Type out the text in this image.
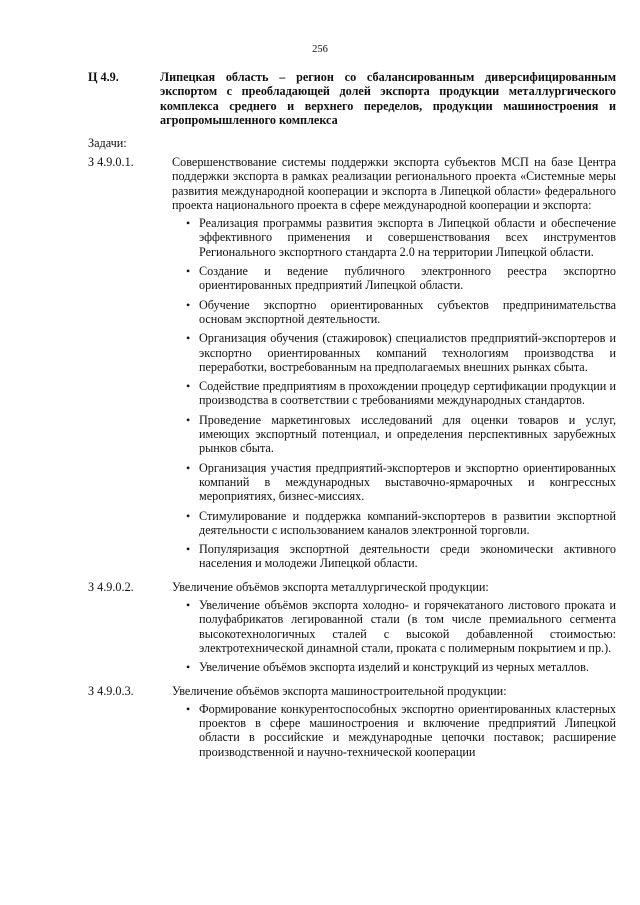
256
Ц 4.9.	Липецкая область – регион со сбалансированным диверсифицированным экспортом с преобладающей долей экспорта продукции металлургического комплекса среднего и верхнего переделов, продукции машиностроения и агропромышленного комплекса
Задачи:
З 4.9.0.1.	Совершенствование системы поддержки экспорта субъектов МСП на базе Центра поддержки экспорта в рамках реализации регионального проекта «Системные меры развития международной кооперации и экспорта в Липецкой области» федерального проекта национального проекта в сфере международной кооперации и экспорта:
• Реализация программы развития экспорта в Липецкой области и обеспечение эффективного применения и совершенствования всех инструментов Регионального экспортного стандарта 2.0 на территории Липецкой области.
• Создание и ведение публичного электронного реестра экспортно ориентированных предприятий Липецкой области.
• Обучение экспортно ориентированных субъектов предпринимательства основам экспортной деятельности.
• Организация обучения (стажировок) специалистов предприятий-экспортеров и экспортно ориентированных компаний технологиям производства и переработки, востребованным на предполагаемых внешних рынках сбыта.
• Содействие предприятиям в прохождении процедур сертификации продукции и производства в соответствии с требованиями международных стандартов.
• Проведение маркетинговых исследований для оценки товаров и услуг, имеющих экспортный потенциал, и определения перспективных зарубежных рынков сбыта.
• Организация участия предприятий-экспортеров и экспортно ориентированных компаний в международных выставочно-ярмарочных и конгрессных мероприятиях, бизнес-миссиях.
• Стимулирование и поддержка компаний-экспортеров в развитии экспортной деятельности с использованием каналов электронной торговли.
• Популяризация экспортной деятельности среди экономически активного населения и молодежи Липецкой области.
З 4.9.0.2.	Увеличение объёмов экспорта металлургической продукции:
• Увеличение объёмов экспорта холодно- и горячекатаного листового проката и полуфабрикатов легированной стали (в том числе премиального сегмента высокотехнологичных сталей с высокой добавленной стоимостью: электротехнической динамной стали, проката с полимерным покрытием и пр.).
• Увеличение объёмов экспорта изделий и конструкций из черных металлов.
З 4.9.0.3.	Увеличение объёмов экспорта машиностроительной продукции:
• Формирование конкурентоспособных экспортно ориентированных кластерных проектов в сфере машиностроения и включение предприятий Липецкой области в российские и международные цепочки поставок; расширение производственной и научно-технической кооперации
